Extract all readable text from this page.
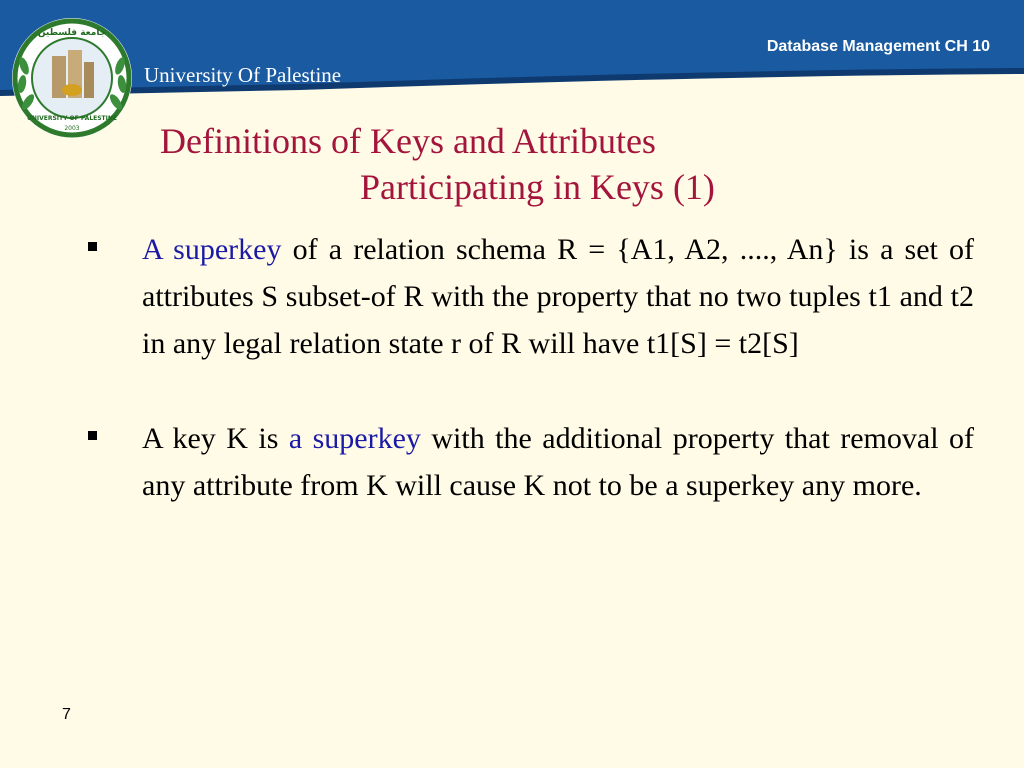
Database Management CH 10
University Of Palestine
جامعة فلسطين
UNIVERSITY OF PALESTINE
2003 Definitions of Keys and Attributes
Participating in Keys (1)
A superkey of a relation schema R = {A1, A2, ...., An} is a set of attributes S subset-of R with the property that no two tuples t1 and t2 in any legal relation state r of R will have t1[S] = t2[S]
A key K is a superkey with the additional property that removal of any attribute from K will cause K not to be a superkey any more.
7
